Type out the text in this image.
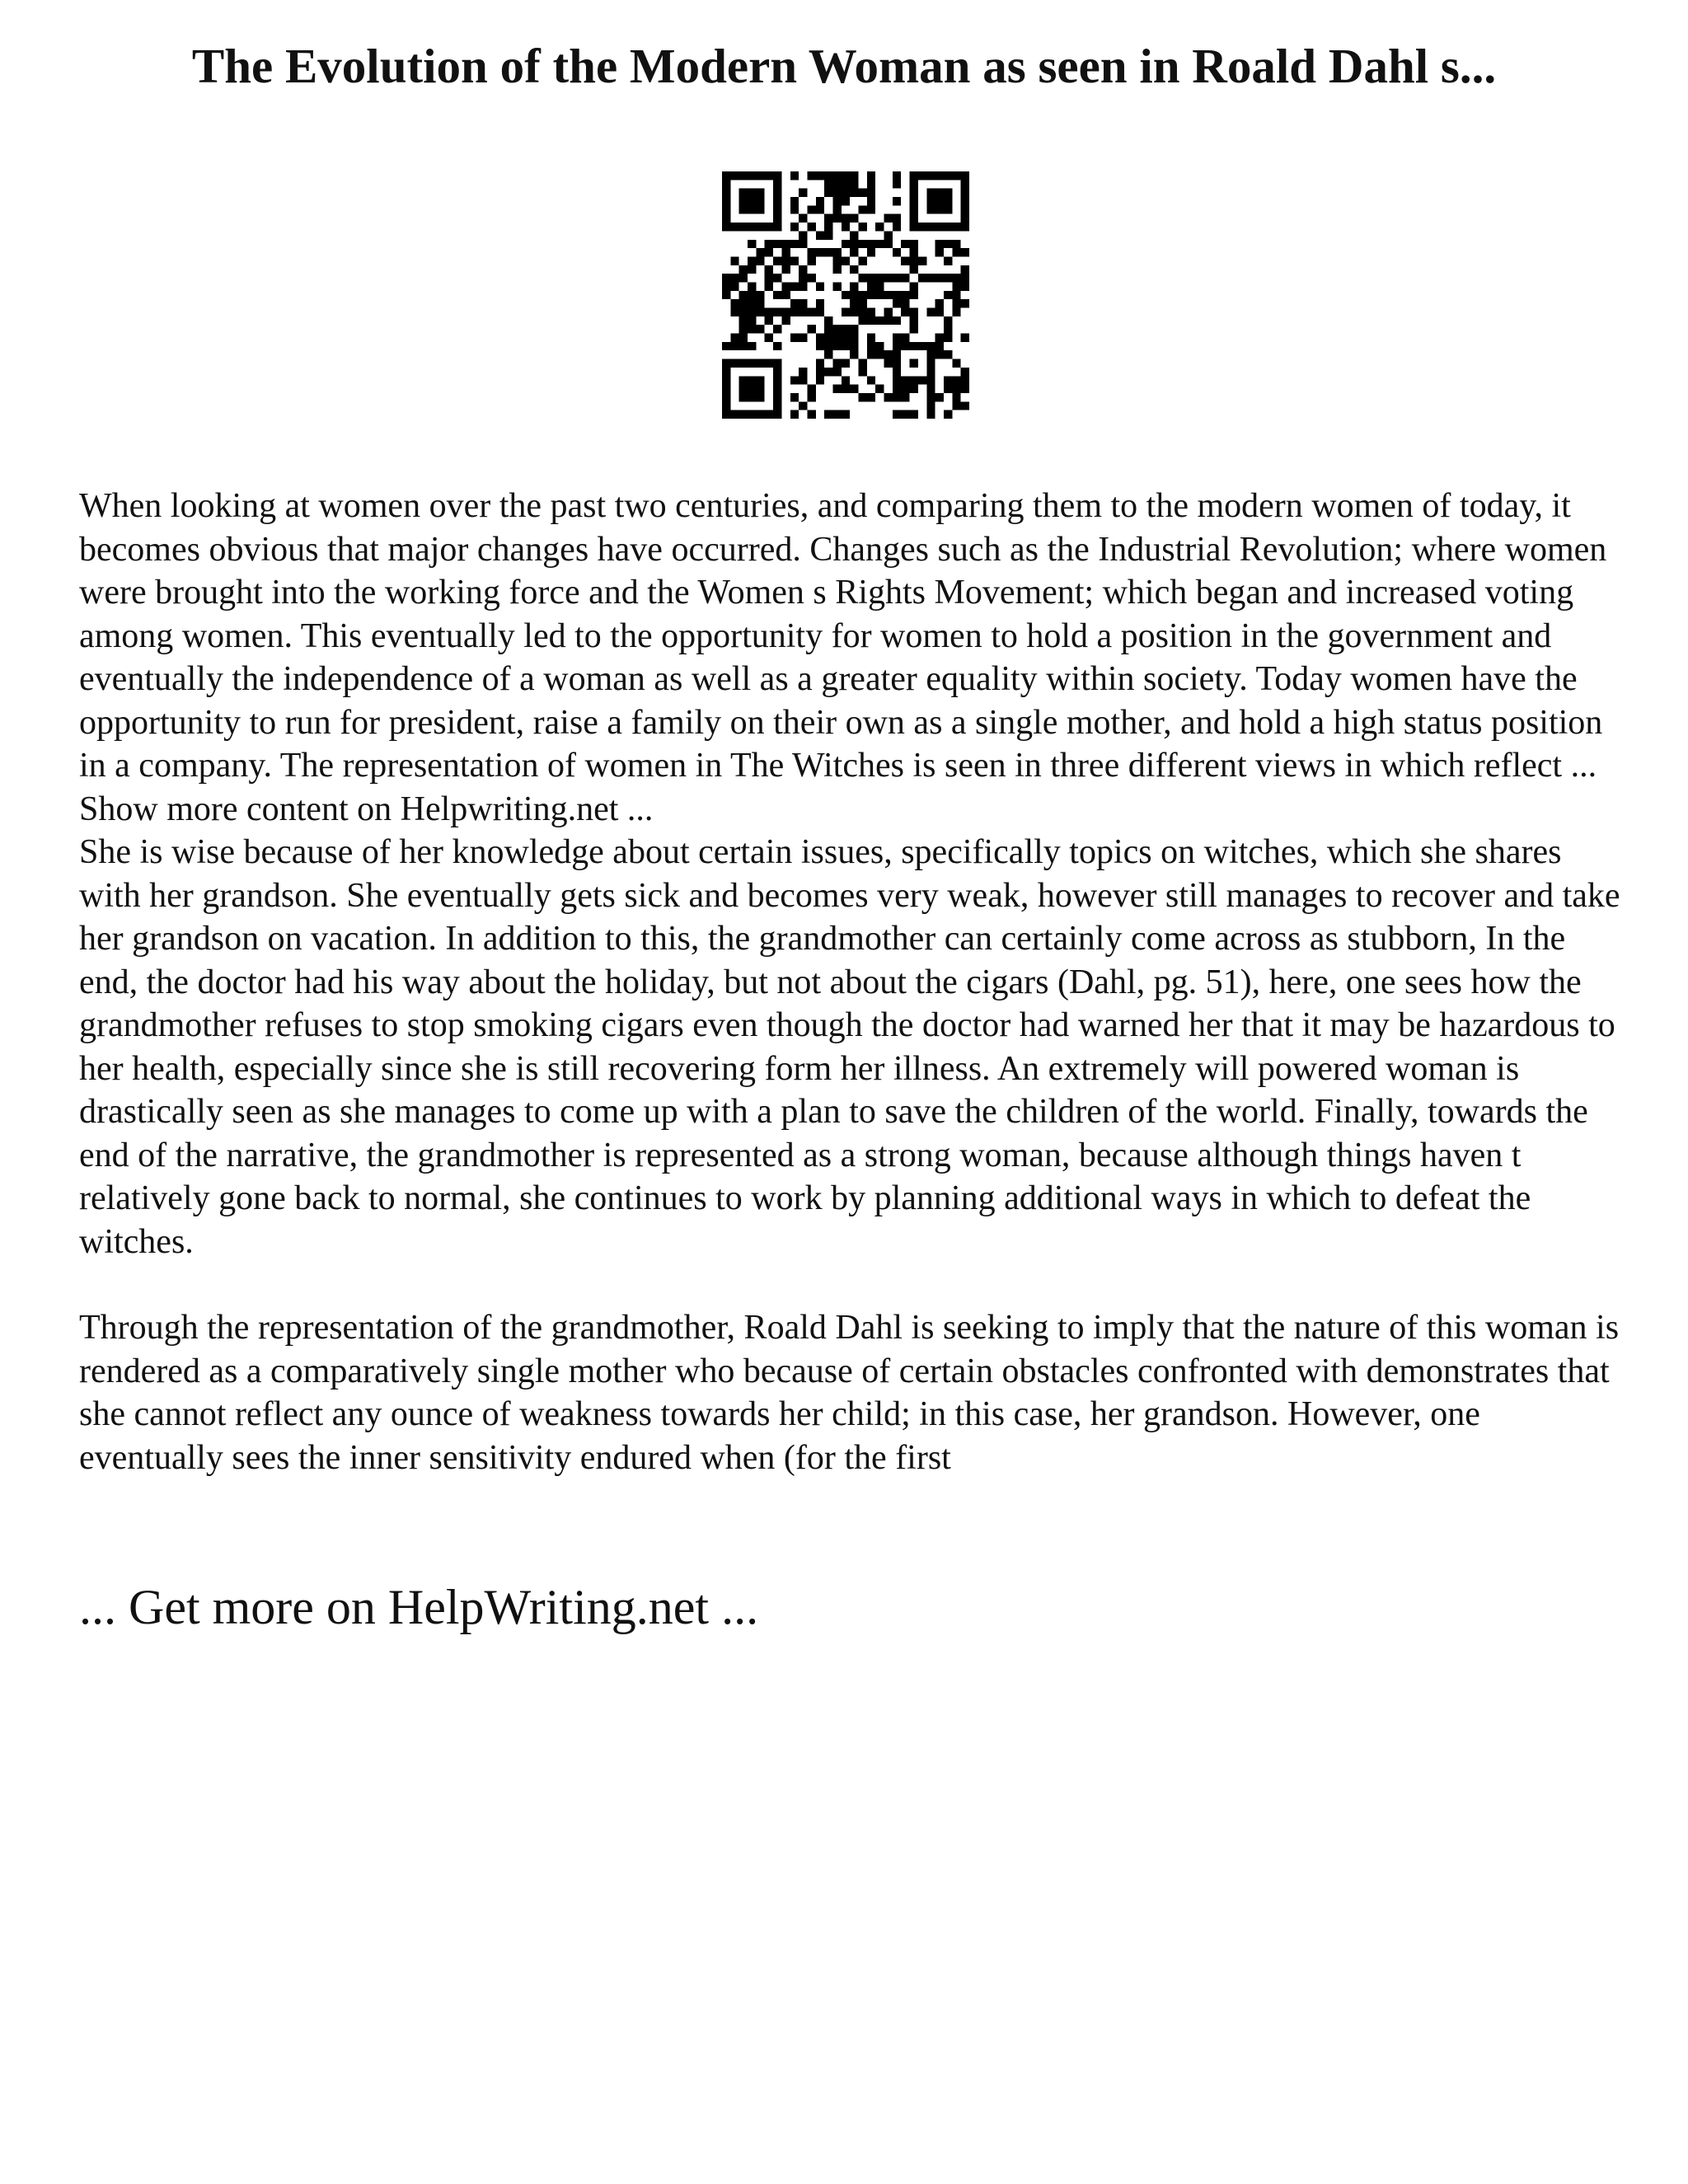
The Evolution of the Modern Woman as seen in Roald Dahl s...

When looking at women over the past two centuries, and comparing them to the modern women of today, it becomes obvious that major changes have occurred. Changes such as the Industrial Revolution; where women were brought into the working force and the Women s Rights Movement; which began and increased voting among women. This eventually led to the opportunity for women to hold a position in the government and eventually the independence of a woman as well as a greater equality within society. Today women have the opportunity to run for president, raise a family on their own as a single mother, and hold a high status position in a company. The representation of women in The Witches is seen in three different views in which reflect ... Show more content on Helpwriting.net ...

She is wise because of her knowledge about certain issues, specifically topics on witches, which she shares with her grandson. She eventually gets sick and becomes very weak, however still manages to recover and take her grandson on vacation. In addition to this, the grandmother can certainly come across as stubborn, In the end, the doctor had his way about the holiday, but not about the cigars (Dahl, pg. 51), here, one sees how the grandmother refuses to stop smoking cigars even though the doctor had warned her that it may be hazardous to her health, especially since she is still recovering form her illness. An extremely will powered woman is drastically seen as she manages to come up with a plan to save the children of the world. Finally, towards the end of the narrative, the grandmother is represented as a strong woman, because although things haven t relatively gone back to normal, she continues to work by planning additional ways in which to defeat the witches.

Through the representation of the grandmother, Roald Dahl is seeking to imply that the nature of this woman is rendered as a comparatively single mother who because of certain obstacles confronted with demonstrates that she cannot reflect any ounce of weakness towards her child; in this case, her grandson. However, one eventually sees the inner sensitivity endured when (for the first

... Get more on HelpWriting.net ...
